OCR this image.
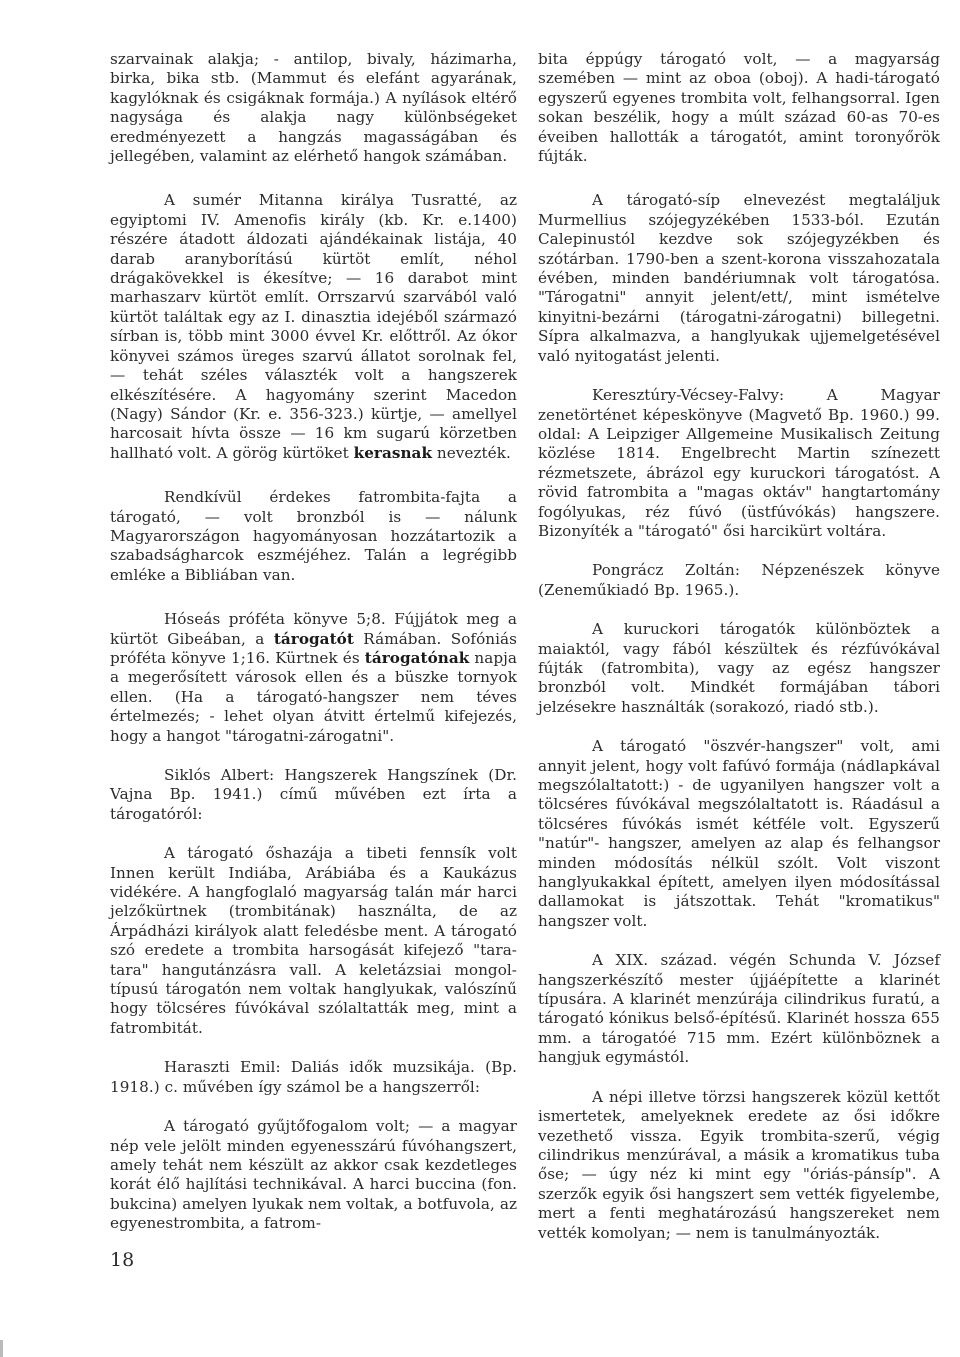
szarvainak alakja; - antilop, bivaly, házimarha, birka, bika stb. (Mammut és elefánt agyarának, kagylóknak és csigáknak formája.) A nyílások eltérő nagysága és alakja nagy különbségeket eredményezett a hangzás magasságában és jellegében, valamint az elérhető hangok számában.

A sumér Mitanna királya Tusratté, az egyiptomi IV. Amenofis király (kb. Kr. e.1400) részére átadott áldozati ajándékainak listája, 40 darab aranyborítású kürtöt említ, néhol drágakövekkel is ékesítve; — 16 darabot mint marhaszarv kürtöt említ. Orrszarvú szarvából való kürtöt találtak egy az I. dinasztia idejéből származó sírban is, több mint 3000 évvel Kr. előttről. Az ókor könyvei számos üreges szarvú állatot sorolnak fel, — tehát széles választék volt a hangszerek elkészítésére. A hagyomány szerint Macedon (Nagy) Sándor (Kr. e. 356-323.) kürtje, — amellyel harcosait hívta össze — 16 km sugarú körzetben hallható volt. A görög kürtöket kerasnak nevezték.

Rendkívül érdekes fatrombita-fajta a tárogató, — volt bronzból is — nálunk Magyarországon hagyományosan hozzátartozik a szabadságharcok eszméjéhez. Talán a legrégibb emléke a Bibliában van.

Hóseás próféta könyve 5;8. Fújjátok meg a kürtöt Gibeában, a tárogatót Rámában. Sofóniás próféta könyve 1;16. Kürtnek és tárogatónak napja a megerősített városok ellen és a büszke tornyok ellen. (Ha a tárogató-hangszer nem téves értelmezés; - lehet olyan átvitt értelmű kifejezés, hogy a hangot "tárogatni-zárogatni".

Siklós Albert: Hangszerek Hangszínek (Dr. Vajna Bp. 1941.) című művében ezt írta a tárogatóról:

A tárogató őshazája a tibeti fennsík volt Innen került Indiába, Arábiába és a Kaukázus vidékére. A hangfoglaló magyarság talán már harci jelzőkürtnek (trombitának) használta, de az Árpádházi királyok alatt feledésbe ment. A tárogató szó eredete a trombita harsogását kifejező "tara-tara" hangutánzásra vall. A keletázsiai mongol-típusú tárogatón nem voltak hanglyukak, valószínű hogy tölcséres fúvókával szólaltatták meg, mint a fatrombitát.

Haraszti Emil: Daliás idők muzsikája. (Bp. 1918.) c. művében így számol be a hangszerről:

A tárogató gyűjtőfogalom volt; — a magyar nép vele jelölt minden egyenesszárú fúvóhangszert, amely tehát nem készült az akkor csak kezdetleges korát élő hajlítási technikával. A harci buccina (fon. bukcina) amelyen lyukak nem voltak, a botfuvola, az egyenestrombita, a fatrom-

bita éppúgy tárogató volt, — a magyarság szemében — mint az oboa (oboj). A hadi-tárogató egyszerű egyenes trombita volt, felhangsorral. Igen sokan beszélik, hogy a múlt század 60-as 70-es éveiben hallották a tárogatót, amint toronyőrök fújták.

A tárogató-síp elnevezést megtaláljuk Murmellius szójegyzékében 1533-ból. Ezután Calepinustól kezdve sok szójegyzékben és szótárban. 1790-ben a szent-korona visszahozatala évében, minden bandériumnak volt tárogatósa. "Tárogatni" annyit jelent/ett/, mint ismételve kinyitni-bezárni (tárogatni-zárogatni) billegetni. Sípra alkalmazva, a hanglyukak ujjemelgetésével való nyitogatást jelenti.

Keresztúry-Vécsey-Falvy: A Magyar zenetörténet képeskönyve (Magvető Bp. 1960.) 99. oldal: A Leipziger Allgemeine Musikalisch Zeitung közlése 1814. Engelbrecht Martin színezett rézmetszete, ábrázol egy kuruckori tárogatóst. A rövid fatrombita a "magas oktáv" hangtartomány fogólyukas, réz fúvó (üstfúvókás) hangszere. Bizonyíték a "tárogató" ősi harcikürt voltára.

Pongrácz Zoltán: Népzenészek könyve (Zeneműkiadó Bp. 1965.).

A kuruckori tárogatók különböztek a maiaktól, vagy fából készültek és rézfúvókával fújták (fatrombita), vagy az egész hangszer bronzból volt. Mindkét formájában tábori jelzésekre használták (sorakozó, riadó stb.).

A tárogató "öszvér-hangszer" volt, ami annyit jelent, hogy volt fafúvó formája (nádlapkával megszólaltatott:) - de ugyanilyen hangszer volt a tölcséres fúvókával megszólaltatott is. Ráadásul a tölcséres fúvókás ismét kétféle volt. Egyszerű "natúr"- hangszer, amelyen az alap és felhangsor minden módosítás nélkül szólt. Volt viszont hanglyukakkal épített, amelyen ilyen módosítással dallamokat is játszottak. Tehát "kromatikus" hangszer volt.

A XIX. század. végén Schunda V. József hangszerkészítő mester újjáépítette a klarinét típusára. A klarinét menzúrája cilindrikus furatú, a tárogató kónikus belső-építésű. Klarinét hossza 655 mm. a tárogatóé 715 mm. Ezért különböznek a hangjuk egymástól.

A népi illetve törzsi hangszerek közül kettőt ismertetek, amelyeknek eredete az ősi időkre vezethető vissza. Egyik trombita-szerű, végig cilindrikus menzúrával, a másik a kromatikus tuba őse; — úgy néz ki mint egy "óriás-pánsíp". A szerzők egyik ősi hangszert sem vették figyelembe, mert a fenti meghatározású hangszereket nem vették komolyan; — nem is tanulmányozták.

18
